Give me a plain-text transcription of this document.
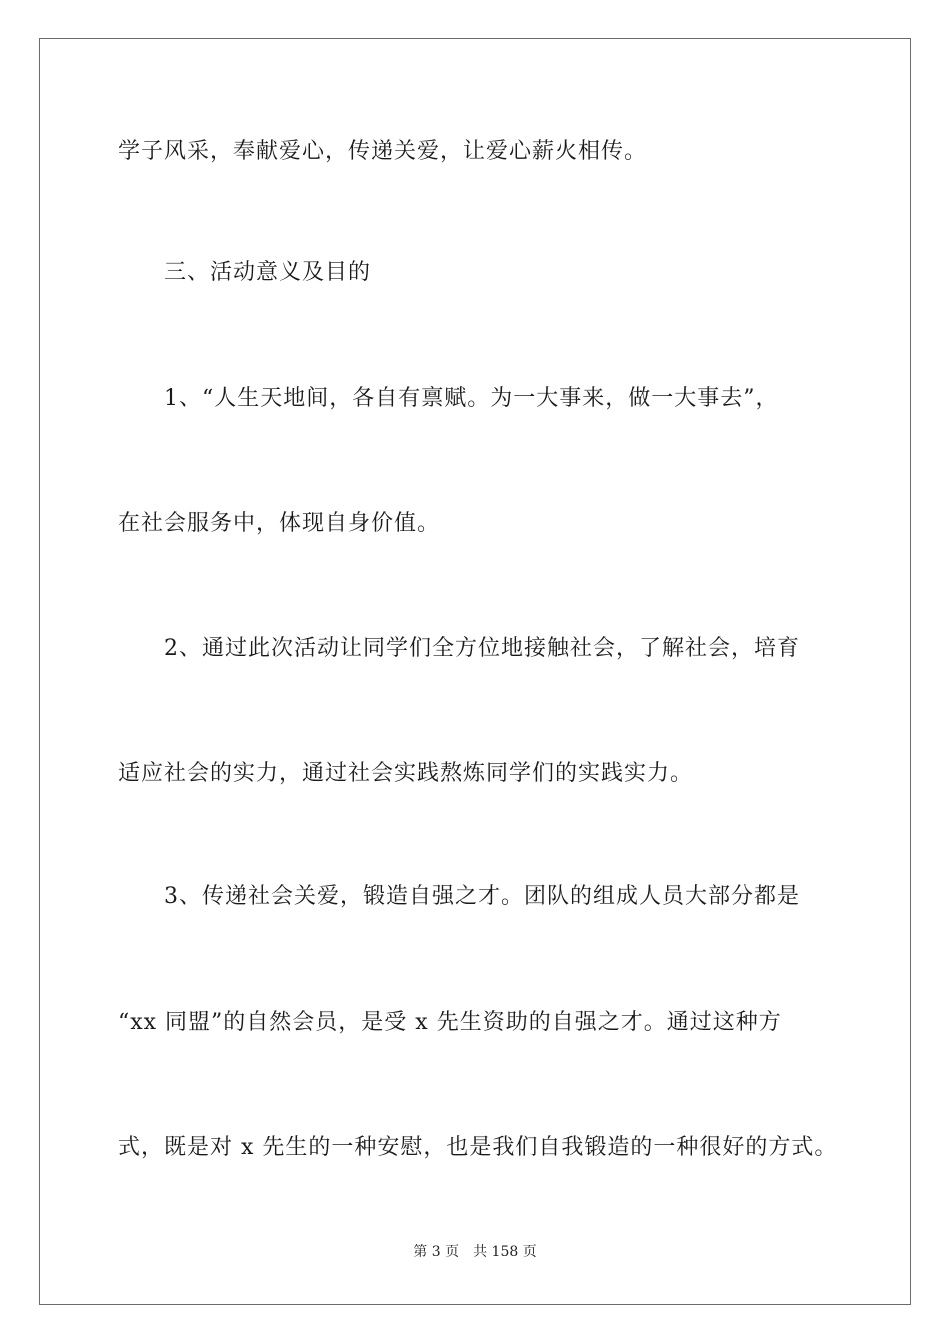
学子风采，奉献爱心，传递关爱，让爱心薪火相传。
三、活动意义及目的
1、“人生天地间，各自有禀赋。为一大事来，做一大事去”，
在社会服务中，体现自身价值。
2、通过此次活动让同学们全方位地接触社会，了解社会，培育
适应社会的实力，通过社会实践熬炼同学们的实践实力。
3、传递社会关爱，锻造自强之才。团队的组成人员大部分都是
“xx 同盟”的自然会员，是受 x 先生资助的自强之才。通过这种方
式，既是对 x 先生的一种安慰，也是我们自我锻造的一种很好的方式。
第 3 页 共 158 页
